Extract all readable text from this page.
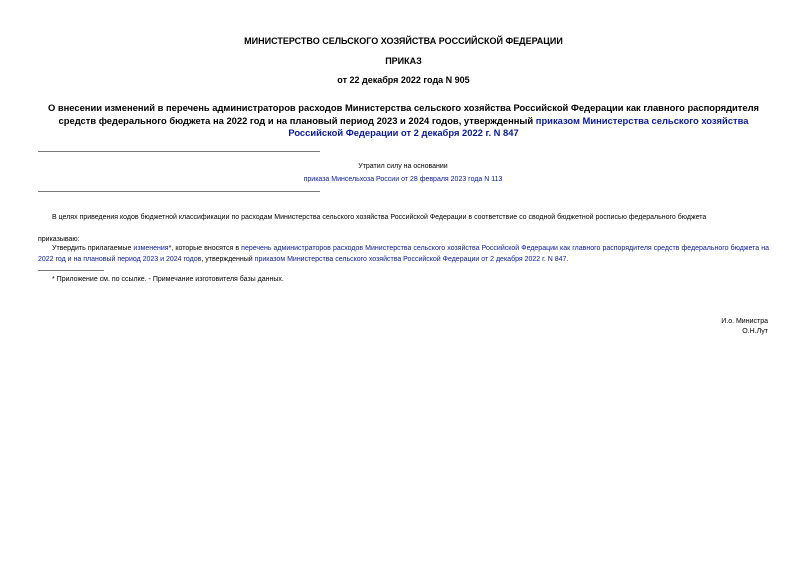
МИНИСТЕРСТВО СЕЛЬСКОГО ХОЗЯЙСТВА РОССИЙСКОЙ ФЕДЕРАЦИИ
ПРИКАЗ
от 22 декабря 2022 года N 905
О внесении изменений в перечень администраторов расходов Министерства сельского хозяйства Российской Федерации как главного распорядителя средств федерального бюджета на 2022 год и на плановый период 2023 и 2024 годов, утвержденный приказом Министерства сельского хозяйства Российской Федерации от 2 декабря 2022 г. N 847
Утратил силу на основании
приказа Минсельхоза России от 28 февраля 2023 года N 113
В целях приведения кодов бюджетной классификации по расходам Министерства сельского хозяйства Российской Федерации в соответствие со сводной бюджетной росписью федерального бюджета
приказываю:
Утвердить прилагаемые изменения*, которые вносятся в перечень администраторов расходов Министерства сельского хозяйства Российской Федерации как главного распорядителя средств федерального бюджета на 2022 год и на плановый период 2023 и 2024 годов, утвержденный приказом Министерства сельского хозяйства Российской Федерации от 2 декабря 2022 г. N 847.
* Приложение см. по ссылке. - Примечание изготовителя базы данных.
И.о. Министра
О.Н.Лут
